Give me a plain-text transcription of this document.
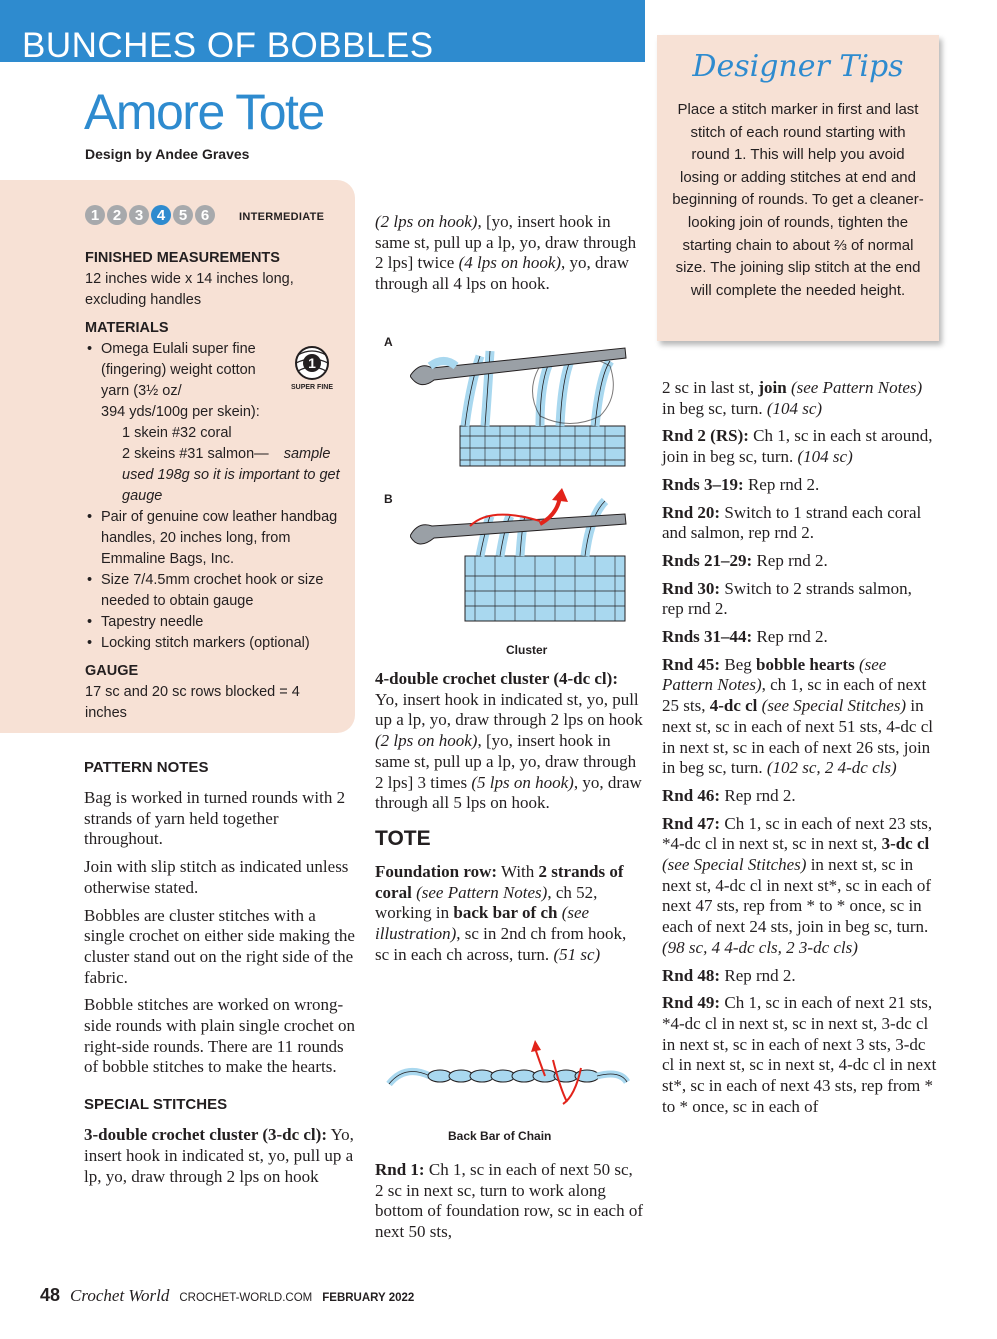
BUNCHES OF BOBBLES
Amore Tote
Design by Andee Graves
1 2 3 4 5 6	INTERMEDIATE
1
SUPER FINE
FINISHED MEASUREMENTS

12 inches wide x 14 inches long, excluding handles

MATERIALS
• Omega Eulali super fine (fingering) weight cotton yarn (3½ oz/
394 yds/100g per skein):
1 skein #32 coral
2 skeins #31 salmon— sample used 198g so it is important to get gauge
• Pair of genuine cow leather handbag handles, 20 inches long, from Emmaline Bags, Inc.
• Size 7/4.5mm crochet hook or size needed to obtain gauge
• Tapestry needle
• Locking stitch markers (optional)
GAUGE

17 sc and 20 sc rows blocked = 4 inches

PATTERN NOTES

Bag is worked in turned rounds with 2 strands of yarn held together throughout.

Join with slip stitch as indicated unless otherwise stated.

Bobbles are cluster stitches with a single crochet on either side making the cluster stand out on the right side of the fabric.

Bobble stitches are worked on wrong-side rounds with plain single crochet on right-side rounds. There are 11 rounds of bobble stitches to make the hearts.

SPECIAL STITCHES

3-double crochet cluster (3-dc cl): Yo, insert hook in indicated st, yo, pull up a lp, yo, draw through 2 lps on hook

(2 lps on hook), [yo, insert hook in same st, pull up a lp, yo, draw through 2 lps] twice (4 lps on hook), yo, draw through all 4 lps on hook.

A
B
Cluster

4-double crochet cluster (4-dc cl): Yo, insert hook in indicated st, yo, pull up a lp, yo, draw through 2 lps on hook (2 lps on hook), [yo, insert hook in same st, pull up a lp, yo, draw through 2 lps] 3 times (5 lps on hook), yo, draw through all 5 lps on hook.

TOTE

Foundation row: With 2 strands of coral (see Pattern Notes), ch 52, working in back bar of ch (see illustration), sc in 2nd ch from hook, sc in each ch across, turn. (51 sc)

Back Bar of Chain

Rnd 1: Ch 1, sc in each of next 50 sc, 2 sc in next sc, turn to work along bottom of foundation row, sc in each of next 50 sts,

Designer Tips
Place a stitch marker in first and last stitch of each round starting with round 1. This will help you avoid losing or adding stitches at end and beginning of rounds. To get a cleaner-looking join of rounds, tighten the starting chain to about ⅔ of normal size. The joining slip stitch at the end will complete the needed height.

2 sc in last st, join (see Pattern Notes) in beg sc, turn. (104 sc)

Rnd 2 (RS): Ch 1, sc in each st around, join in beg sc, turn. (104 sc)

Rnds 3–19: Rep rnd 2.

Rnd 20: Switch to 1 strand each coral and salmon, rep rnd 2.

Rnds 21–29: Rep rnd 2.

Rnd 30: Switch to 2 strands salmon, rep rnd 2.

Rnds 31–44: Rep rnd 2.

Rnd 45: Beg bobble hearts (see Pattern Notes), ch 1, sc in each of next 25 sts, 4-dc cl (see Special Stitches) in next st, sc in each of next 51 sts, 4-dc cl in next st, sc in each of next 26 sts, join in beg sc, turn. (102 sc, 2 4-dc cls)

Rnd 46: Rep rnd 2.

Rnd 47: Ch 1, sc in each of next 23 sts, *4-dc cl in next st, sc in next st, 3-dc cl (see Special Stitches) in next st, sc in next st, 4-dc cl in next st*, sc in each of next 47 sts, rep from * to * once, sc in each of next 24 sts, join in beg sc, turn. (98 sc, 4 4-dc cls, 2 3-dc cls)

Rnd 48: Rep rnd 2.

Rnd 49: Ch 1, sc in each of next 21 sts, *4-dc cl in next st, sc in next st, 3-dc cl in next st, sc in each of next 3 sts, 3-dc cl in next st, sc in next st, 4-dc cl in next st*, sc in each of next 43 sts, rep from * to * once, sc in each of

48 Crochet World CROCHET-WORLD.COM FEBRUARY 2022
